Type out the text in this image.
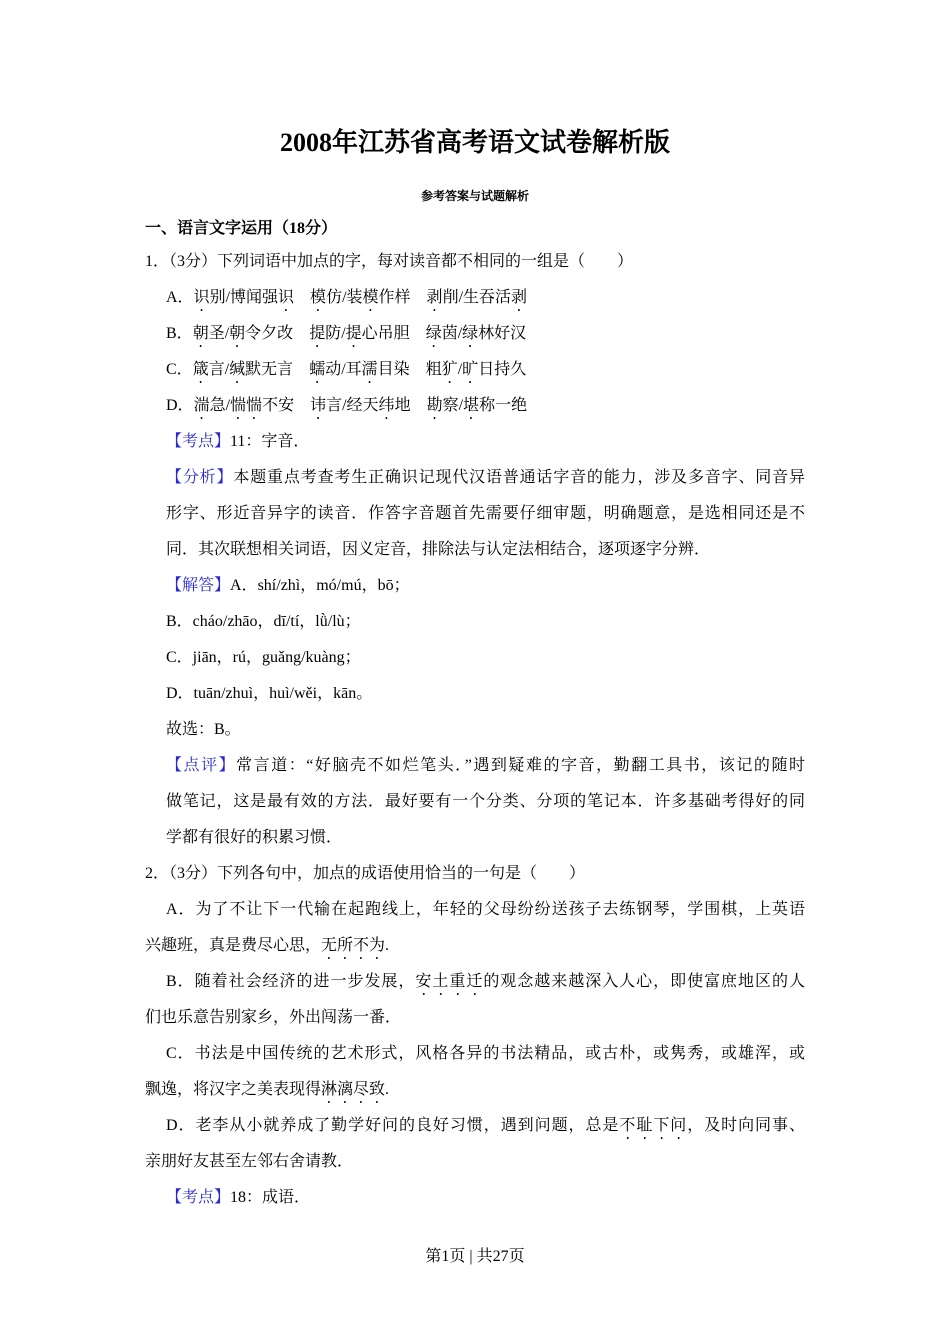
2008年江苏省高考语文试卷解析版
参考答案与试题解析
一、语言文字运用（18分）
1．（3分）下列词语中加点的字，每对读音都不相同的一组是（　　）
A．识别/博闻强识 模仿/装模作样 剥削/生吞活剥
B．朝圣/朝令夕改 提防/提心吊胆 绿茵/绿林好汉
C．箴言/缄默无言 蠕动/耳濡目染 粗犷/旷日持久
D．湍急/惴惴不安 讳言/经天纬地 勘察/堪称一绝
【考点】11：字音．
【分析】本题重点考查考生正确识记现代汉语普通话字音的能力，涉及多音字、同音异
形字、形近音异字的读音．作答字音题首先需要仔细审题，明确题意，是选相同还是不
同．其次联想相关词语，因义定音，排除法与认定法相结合，逐项逐字分辨．
【解答】A．shí/zhì，mó/mú，bō；
B．cháo/zhāo，dī/tí，lǜ/lù；
C．jiān，rú，guǎng/kuàng；
D．tuān/zhuì，huì/wěi，kān。
故选：B。
【点评】常言道：“好脑壳不如烂笔头．”遇到疑难的字音，勤翻工具书，该记的随时
做笔记，这是最有效的方法．最好要有一个分类、分项的笔记本．许多基础考得好的同
学都有很好的积累习惯．
2．（3分）下列各句中，加点的成语使用恰当的一句是（　　）
A．为了不让下一代输在起跑线上，年轻的父母纷纷送孩子去练钢琴，学围棋，上英语
兴趣班，真是费尽心思，无所不为.
B．随着社会经济的进一步发展，安土重迁的观念越来越深入人心，即使富庶地区的人
们也乐意告别家乡，外出闯荡一番．
C．书法是中国传统的艺术形式，风格各异的书法精品，或古朴，或隽秀，或雄浑，或
飘逸，将汉字之美表现得淋漓尽致.
D．老李从小就养成了勤学好问的良好习惯，遇到问题，总是不耻下问，及时向同事、
亲朋好友甚至左邻右舍请教．
【考点】18：成语．
第1页 | 共27页
